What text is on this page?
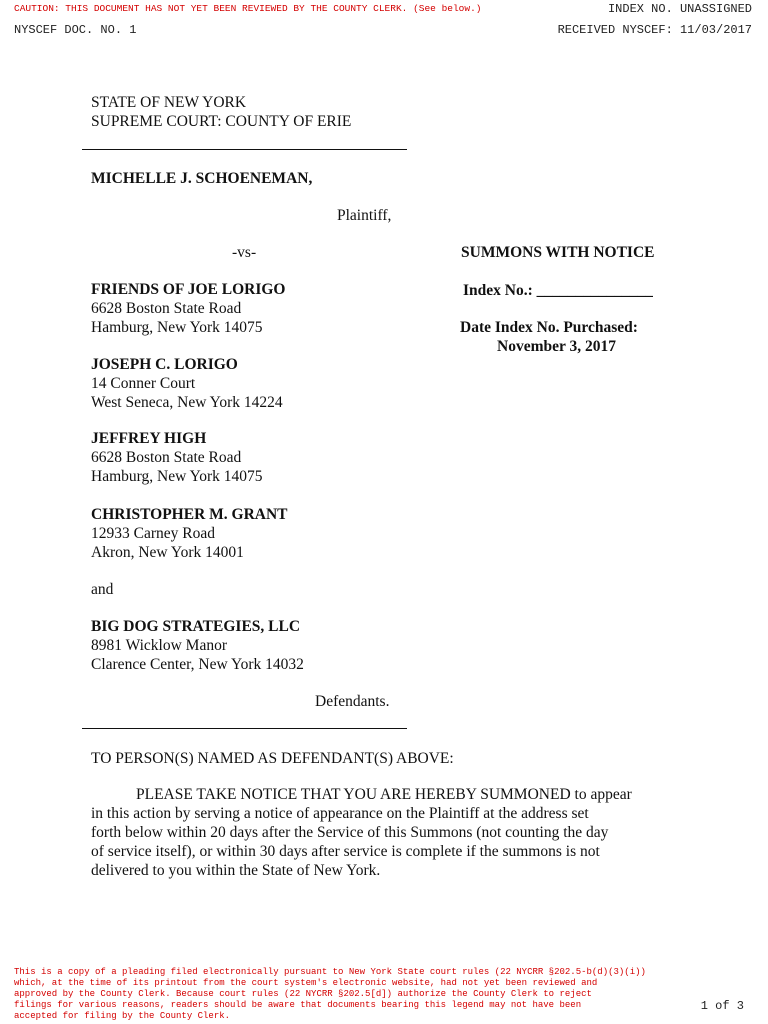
CAUTION: THIS DOCUMENT HAS NOT YET BEEN REVIEWED BY THE COUNTY CLERK. (See below.)	INDEX NO. UNASSIGNED
NYSCEF DOC. NO. 1	RECEIVED NYSCEF: 11/03/2017
STATE OF NEW YORK
SUPREME COURT: COUNTY OF ERIE
MICHELLE J. SCHOENEMAN,
Plaintiff,
-vs-	SUMMONS WITH NOTICE
Index No.: _______________
Date Index No. Purchased:
November 3, 2017
FRIENDS OF JOE LORIGO
6628 Boston State Road
Hamburg, New York 14075
JOSEPH C. LORIGO
14 Conner Court
West Seneca, New York 14224
JEFFREY HIGH
6628 Boston State Road
Hamburg, New York 14075
CHRISTOPHER M. GRANT
12933 Carney Road
Akron, New York 14001
and
BIG DOG STRATEGIES, LLC
8981 Wicklow Manor
Clarence Center, New York 14032
Defendants.
TO PERSON(S) NAMED AS DEFENDANT(S) ABOVE:
PLEASE TAKE NOTICE THAT YOU ARE HEREBY SUMMONED to appear
in this action by serving a notice of appearance on the Plaintiff at the address set
forth below within 20 days after the Service of this Summons (not counting the day
of service itself), or within 30 days after service is complete if the summons is not
delivered to you within the State of New York.
This is a copy of a pleading filed electronically pursuant to New York State court rules (22 NYCRR §202.5-b(d)(3)(i))
which, at the time of its printout from the court system's electronic website, had not yet been reviewed and
approved by the County Clerk. Because court rules (22 NYCRR §202.5[d]) authorize the County Clerk to reject
filings for various reasons, readers should be aware that documents bearing this legend may not have been
accepted for filing by the County Clerk.
1 of 3
